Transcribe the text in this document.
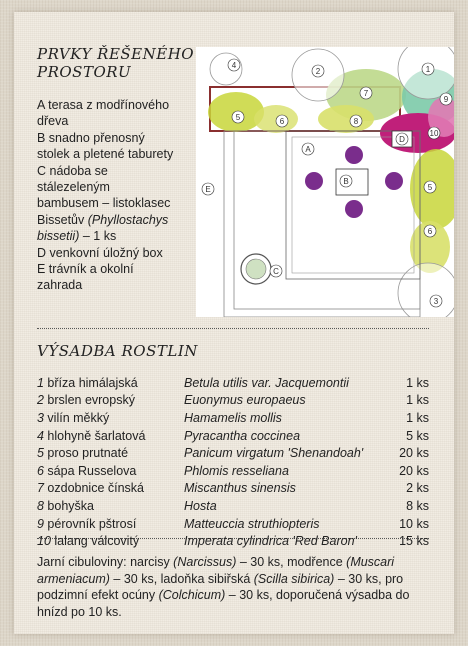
PRVKY ŘEŠENÉHO
PROSTORU
A terasa z modřínového
dřeva
B snadno přenosný
stolek a pletené taburety
C nádoba se
stálezeleným
bambusem – listoklasec
Bissetův (Phyllostachys
bissetii) – 1 ks
D venkovní úložný box
E trávník a okolní
zahrada
1
2
3
4
5
5
6
6
7
8
9
10
A
B
C
D
E
VÝSADBA ROSTLIN
1 bříza himálajská	Betula utilis var. Jacquemontii	1 ks
2 brslen evropský	Euonymus europaeus	1 ks
3 vilín měkký	Hamamelis mollis	1 ks
4 hlohyně šarlatová	Pyracantha coccinea	5 ks
5 proso prutnaté	Panicum virgatum 'Shenandoah'	20 ks
6 sápa Russelova	Phlomis resseliana	20 ks
7 ozdobnice čínská	Miscanthus sinensis	2 ks
8 bohyška	Hosta	8 ks
9 pérovník pštrosí	Matteuccia struthiopteris	10 ks
10 lalang válcovitý	Imperata cylindrica 'Red Baron'	15 ks
Jarní cibuloviny: narcisy (Narcissus) – 30 ks, modřence (Muscari armeniacum) – 30 ks, ladoňka sibiřská (Scilla sibirica) – 30 ks, pro podzimní efekt ocúny (Colchicum) – 30 ks, doporučená výsadba do hnízd po 10 ks.
